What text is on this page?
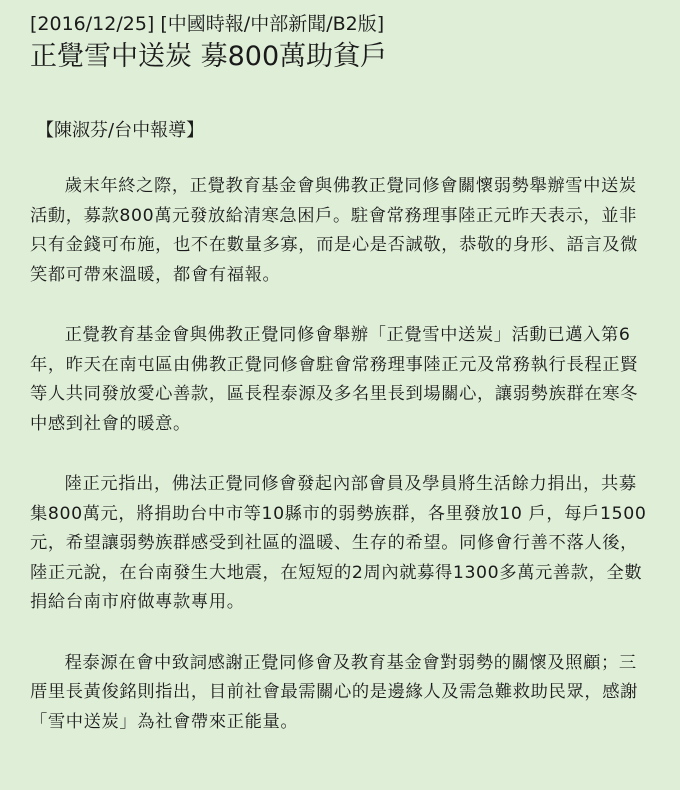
[2016/12/25] [中國時報/中部新聞/B2版]
正覺雪中送炭 募800萬助貧戶
【陳淑芬/台中報導】

歲末年終之際，正覺教育基金會與佛教正覺同修會關懷弱勢舉辦雪中送炭活動，募款800萬元發放給清寒急困戶。駐會常務理事陸正元昨天表示，並非只有金錢可布施，也不在數量多寡，而是心是否誠敬，恭敬的身形、語言及微笑都可帶來溫暖，都會有福報。

正覺教育基金會與佛教正覺同修會舉辦「正覺雪中送炭」活動已邁入第6年，昨天在南屯區由佛教正覺同修會駐會常務理事陸正元及常務執行長程正賢等人共同發放愛心善款，區長程泰源及多名里長到場關心，讓弱勢族群在寒冬中感到社會的暖意。

陸正元指出，佛法正覺同修會發起內部會員及學員將生活餘力捐出，共募集800萬元，將捐助台中市等10縣市的弱勢族群，各里發放10 戶，每戶1500元，希望讓弱勢族群感受到社區的溫暖、生存的希望。同修會行善不落人後，陸正元說，在台南發生大地震，在短短的2周內就募得1300多萬元善款，全數捐給台南市府做專款專用。

程泰源在會中致詞感謝正覺同修會及教育基金會對弱勢的關懷及照顧；三厝里長黃俊銘則指出，目前社會最需關心的是邊緣人及需急難救助民眾，感謝「雪中送炭」為社會帶來正能量。
